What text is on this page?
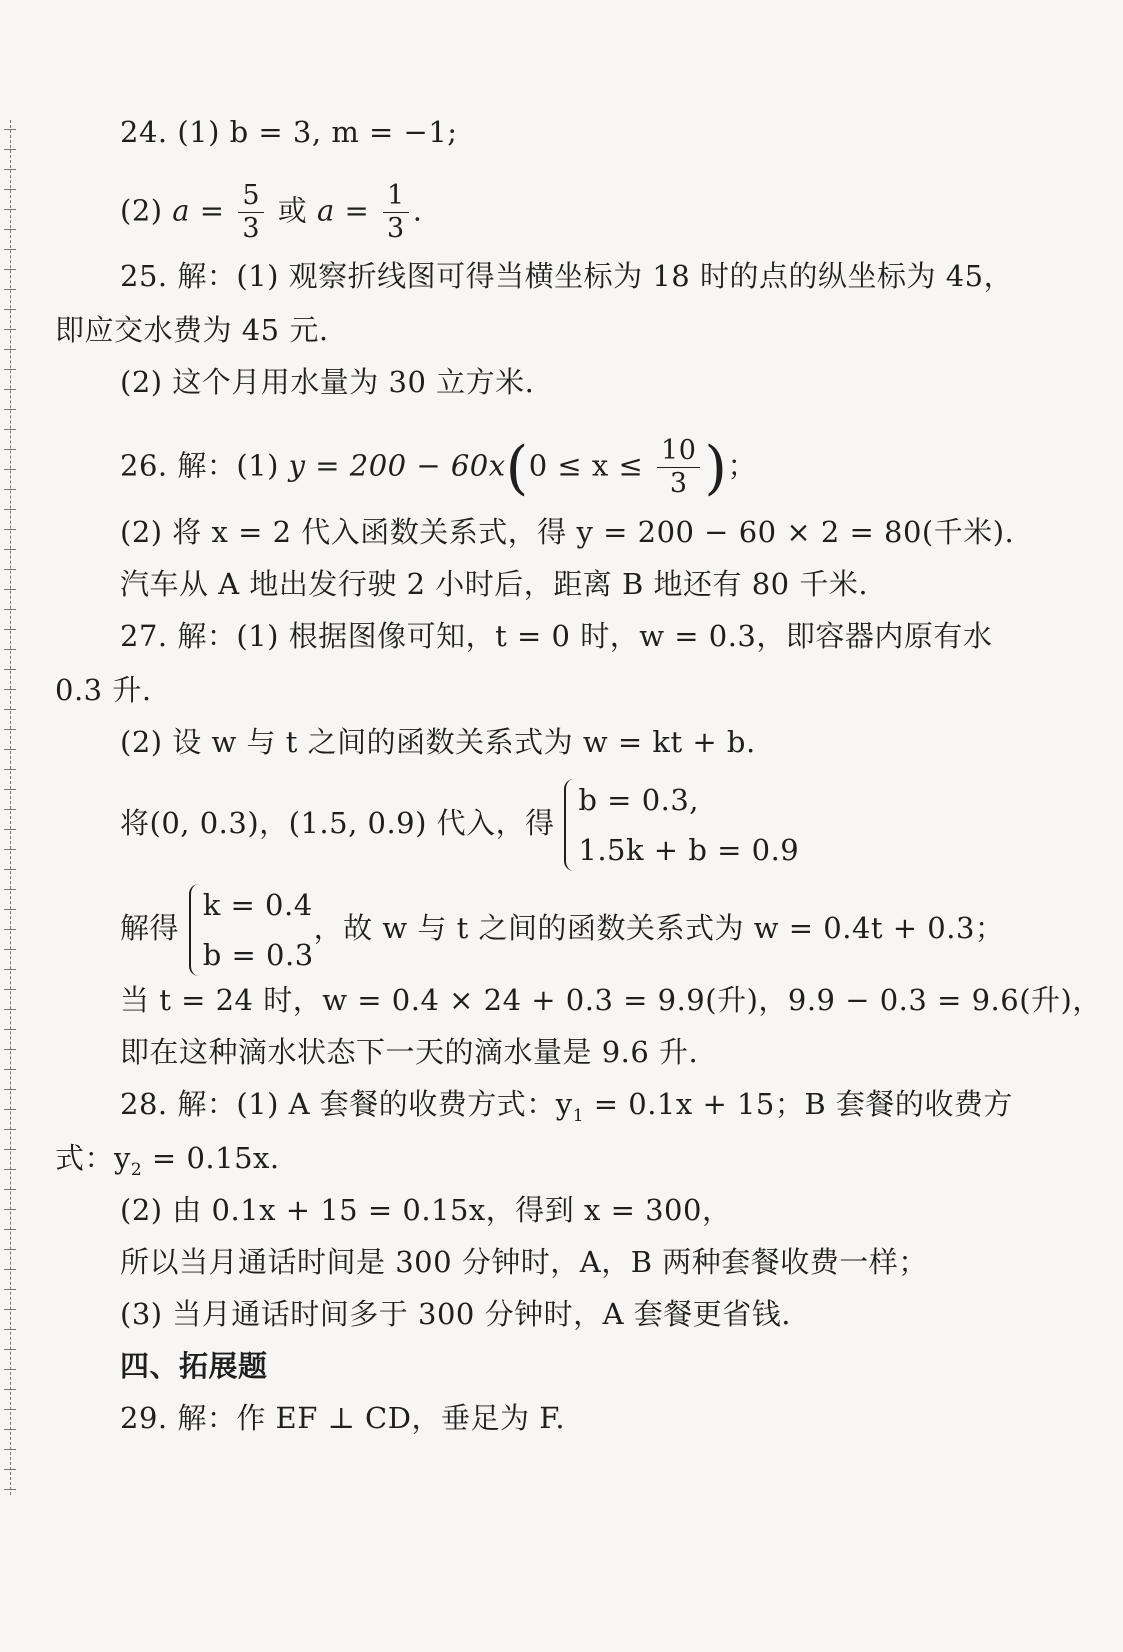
24. (1) b = 3, m = −1;
(2) $a = \frac{5}{3}$ 或 $a = \frac{1}{3}$ .
25. 解：(1) 观察折线图可得当横坐标为 18 时的点的纵坐标为 45，
即应交水费为 45 元.
(2) 这个月用水量为 30 立方米.
26. 解：(1) $y = 200 - 60x(0 \le x \le \frac{10}{3}$ )；
(2) 将 x = 2 代入函数关系式，得 y = 200 − 60 × 2 = 80(千米).
汽车从 A 地出发行驶 2 小时后，距离 B 地还有 80 千米.
27. 解：(1) 根据图像可知，t = 0 时，w = 0.3，即容器内原有水
0.3 升.
(2) 设 w 与 t 之间的函数关系式为 w = kt + b.
将(0, 0.3)，(1.5, 0.9) 代入，得
b = 0.3,
1.5k + b = 0.9
解得
k = 0.4
b = 0.3
，故 w 与 t 之间的函数关系式为 w = 0.4t + 0.3；
当 t = 24 时，w = 0.4 × 24 + 0.3 = 9.9(升)，9.9 − 0.3 = 9.6(升)，
即在这种滴水状态下一天的滴水量是 9.6 升.
28. 解：(1) A 套餐的收费方式：$y_1 = 0.1x + 15$；B 套餐的收费方
式：$y_2 = 0.15x$.
(2) 由 0.1x + 15 = 0.15x，得到 x = 300，
所以当月通话时间是 300 分钟时，A，B 两种套餐收费一样；
(3) 当月通话时间多于 300 分钟时，A 套餐更省钱.
四、拓展题
29. 解：作 EF ⊥ CD，垂足为 F.
